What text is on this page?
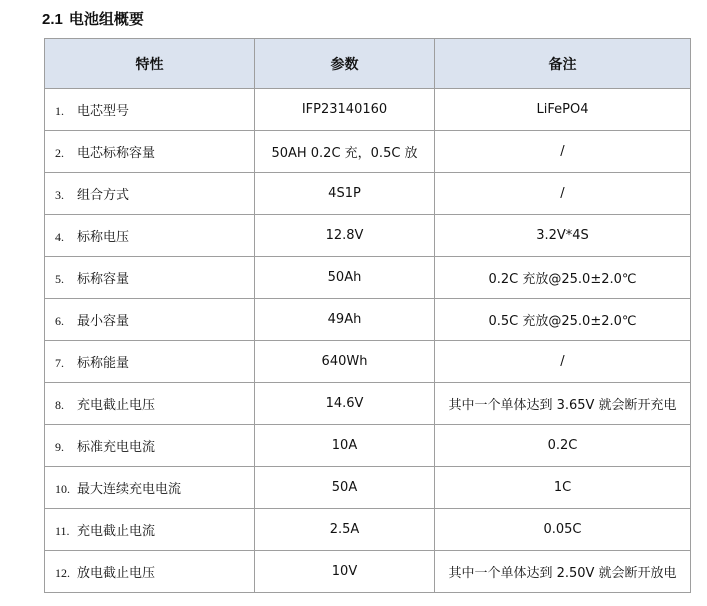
2.1 电池组概要
特性	参数	备注
1. 电芯型号	IFP23140160	LiFePO4
2. 电芯标称容量	50AH 0.2C 充，0.5C 放	/
3. 组合方式	4S1P	/
4. 标称电压	12.8V	3.2V*4S
5. 标称容量	50Ah	0.2C 充放@25.0±2.0℃
6. 最小容量	49Ah	0.5C 充放@25.0±2.0℃
7. 标称能量	640Wh	/
8. 充电截止电压	14.6V	其中一个单体达到 3.65V 就会断开充电
9. 标准充电电流	10A	0.2C
10. 最大连续充电电流	50A	1C
11. 充电截止电流	2.5A	0.05C
12. 放电截止电压	10V	其中一个单体达到 2.50V 就会断开放电
